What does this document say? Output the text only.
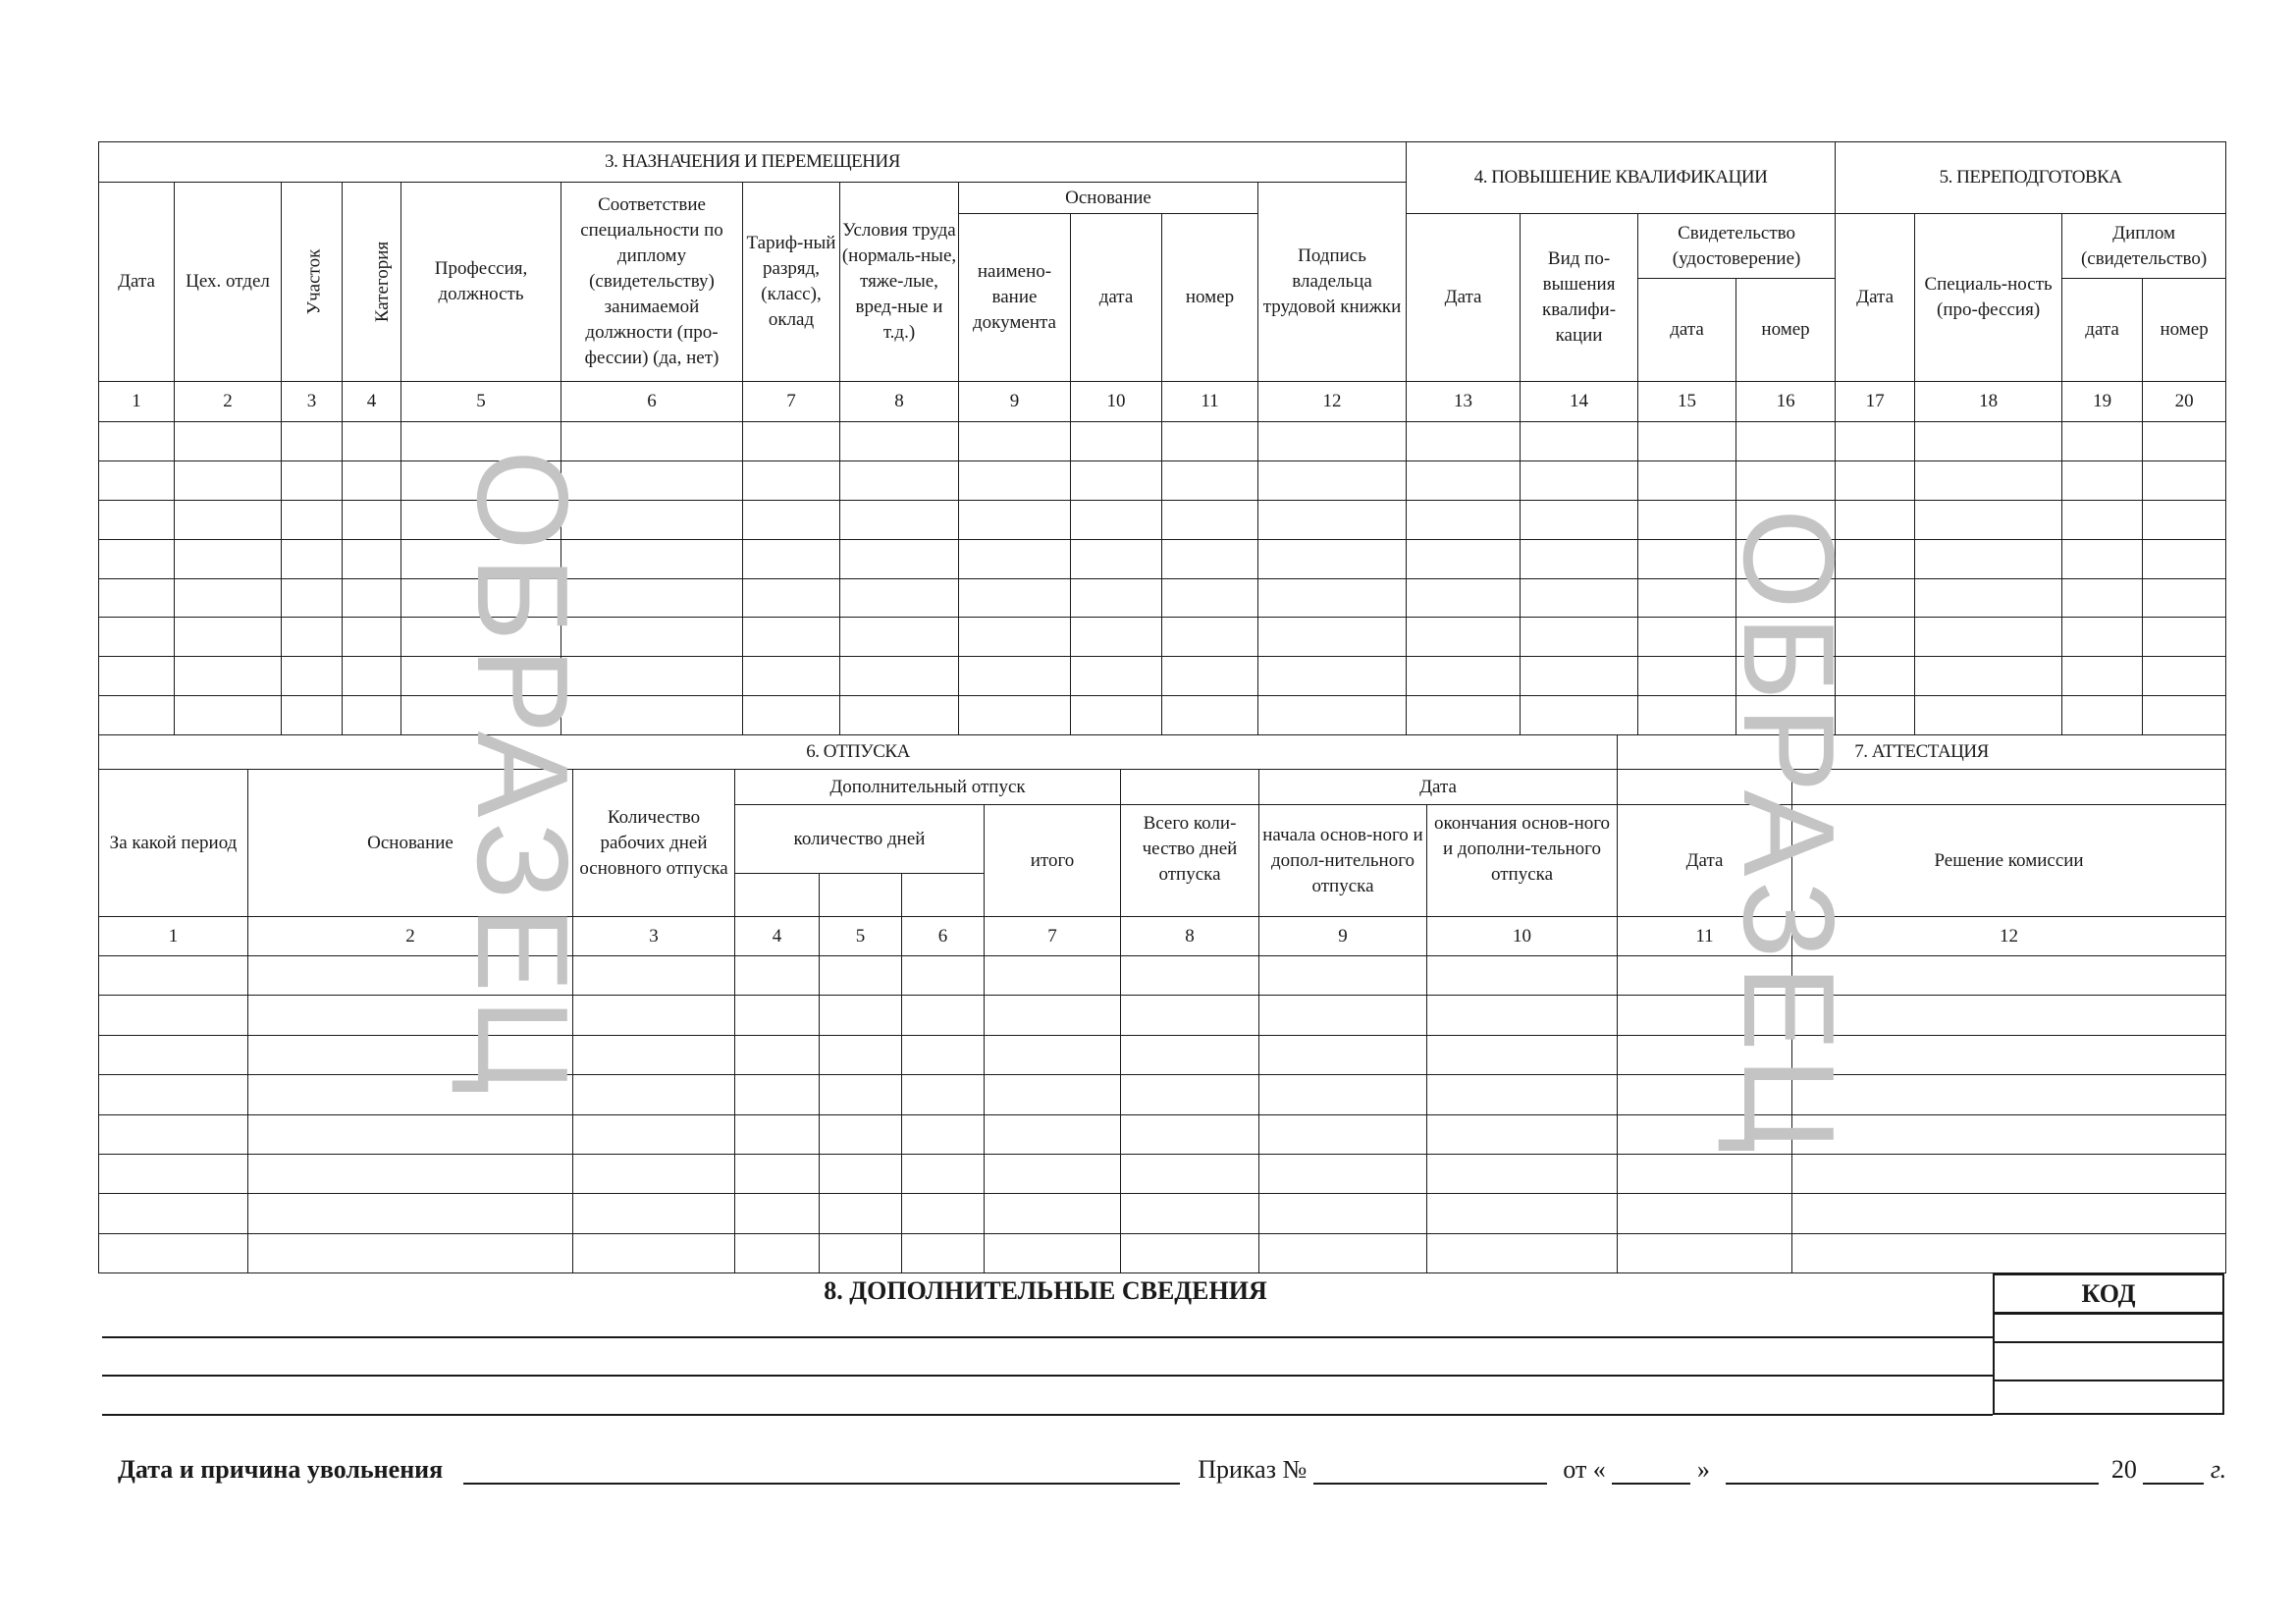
3. НАЗНАЧЕНИЯ И ПЕРЕМЕЩЕНИЯ												4. ПОВЫШЕНИЕ КВАЛИФИКАЦИИ				5. ПЕРЕПОДГОТОВКА			
Дата	Цех. отдел	Участок	Категория	Профессия, должность	Соответствие специальности по диплому (свидетельству) занимаемой должности (про-фессии) (да, нет)	Тариф-ный разряд, (класс), оклад	Условия труда (нормаль-ные, тяже-лые, вред-ные и т.д.)	Основание			Подпись владельца трудовой книжки								
								наимено-вание документа	дата	номер		Дата	Вид по-вышения квалифи-кации	Свидетельство (удостоверение)		Дата	Специаль-ность (про-фессия)	Диплом (свидетельство)	
														дата	номер			дата	номер
1	2	3	4	5	6	7	8	9	10	11	12	13	14	15	16	17	18	19	20

6. ОТПУСКА										7. АТТЕСТАЦИЯ	
За какой период	Основание	Количество рабочих дней основного отпуска	Дополнительный отпуск					Дата			
			количество дней			итого	Всего коли-чество дней отпуска	начала основ-ного и допол-нительного отпуска	окончания основ-ного и дополни-тельного отпуска	Дата	Решение комиссии

1	2	3	4	5	6	7	8	9	10	11	12

ОБРАЗЕЦ	ОБРАЗЕЦ
8. ДОПОЛНИТЕЛЬНЫЕ СВЕДЕНИЯ	КОД
Дата и причина увольнения	Приказ №	от «	»	20	г.
